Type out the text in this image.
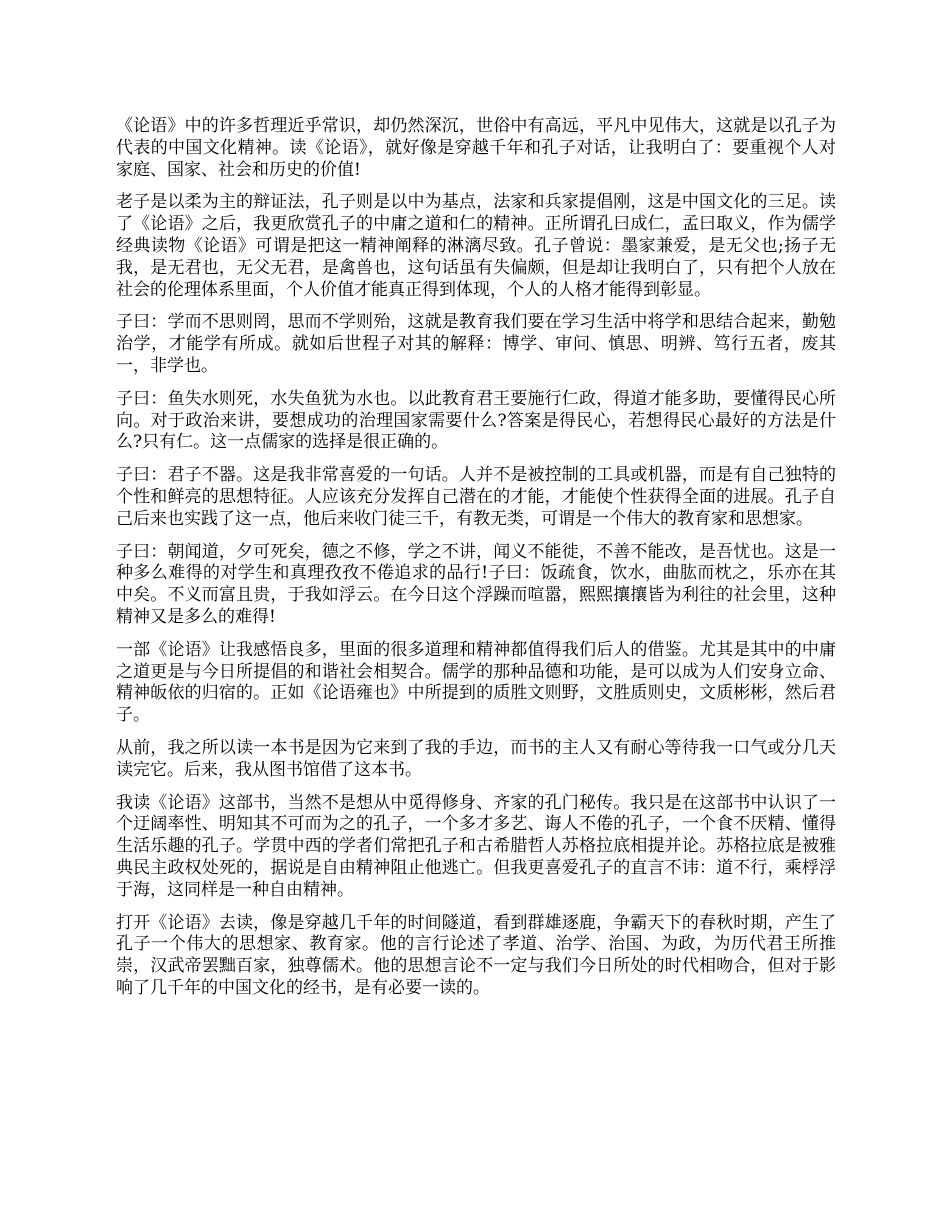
《论语》中的许多哲理近乎常识，却仍然深沉，世俗中有高远，平凡中见伟大，这就是以孔子为代表的中国文化精神。读《论语》，就好像是穿越千年和孔子对话，让我明白了：要重视个人对家庭、国家、社会和历史的价值!

老子是以柔为主的辩证法，孔子则是以中为基点，法家和兵家提倡刚，这是中国文化的三足。读了《论语》之后，我更欣赏孔子的中庸之道和仁的精神。正所谓孔曰成仁，孟曰取义，作为儒学经典读物《论语》可谓是把这一精神阐释的淋漓尽致。孔子曾说：墨家兼爱，是无父也;扬子无我，是无君也，无父无君，是禽兽也，这句话虽有失偏颇，但是却让我明白了，只有把个人放在社会的伦理体系里面，个人价值才能真正得到体现，个人的人格才能得到彰显。

子曰：学而不思则罔，思而不学则殆，这就是教育我们要在学习生活中将学和思结合起来，勤勉治学，才能学有所成。就如后世程子对其的解释：博学、审问、慎思、明辨、笃行五者，废其一，非学也。

子曰：鱼失水则死，水失鱼犹为水也。以此教育君王要施行仁政，得道才能多助，要懂得民心所向。对于政治来讲，要想成功的治理国家需要什么?答案是得民心，若想得民心最好的方法是什么?只有仁。这一点儒家的选择是很正确的。

子曰：君子不器。这是我非常喜爱的一句话。人并不是被控制的工具或机器，而是有自己独特的个性和鲜亮的思想特征。人应该充分发挥自己潜在的才能，才能使个性获得全面的进展。孔子自己后来也实践了这一点，他后来收门徒三千，有教无类，可谓是一个伟大的教育家和思想家。

子曰：朝闻道，夕可死矣，德之不修，学之不讲，闻义不能徙，不善不能改，是吾忧也。这是一种多么难得的对学生和真理孜孜不倦追求的品行!子曰：饭疏食，饮水，曲肱而枕之，乐亦在其中矣。不义而富且贵，于我如浮云。在今日这个浮躁而喧嚣，熙熙攘攘皆为利往的社会里，这种精神又是多么的难得!

一部《论语》让我感悟良多，里面的很多道理和精神都值得我们后人的借鉴。尤其是其中的中庸之道更是与今日所提倡的和谐社会相契合。儒学的那种品德和功能，是可以成为人们安身立命、精神皈依的归宿的。正如《论语雍也》中所提到的质胜文则野，文胜质则史，文质彬彬，然后君子。

从前，我之所以读一本书是因为它来到了我的手边，而书的主人又有耐心等待我一口气或分几天读完它。后来，我从图书馆借了这本书。

我读《论语》这部书，当然不是想从中觅得修身、齐家的孔门秘传。我只是在这部书中认识了一个迂阔率性、明知其不可而为之的孔子，一个多才多艺、诲人不倦的孔子，一个食不厌精、懂得生活乐趣的孔子。学贯中西的学者们常把孔子和古希腊哲人苏格拉底相提并论。苏格拉底是被雅典民主政权处死的，据说是自由精神阻止他逃亡。但我更喜爱孔子的直言不讳：道不行，乘桴浮于海，这同样是一种自由精神。

打开《论语》去读，像是穿越几千年的时间隧道，看到群雄逐鹿，争霸天下的春秋时期，产生了孔子一个伟大的思想家、教育家。他的言行论述了孝道、治学、治国、为政，为历代君王所推崇，汉武帝罢黜百家，独尊儒术。他的思想言论不一定与我们今日所处的时代相吻合，但对于影响了几千年的中国文化的经书，是有必要一读的。
